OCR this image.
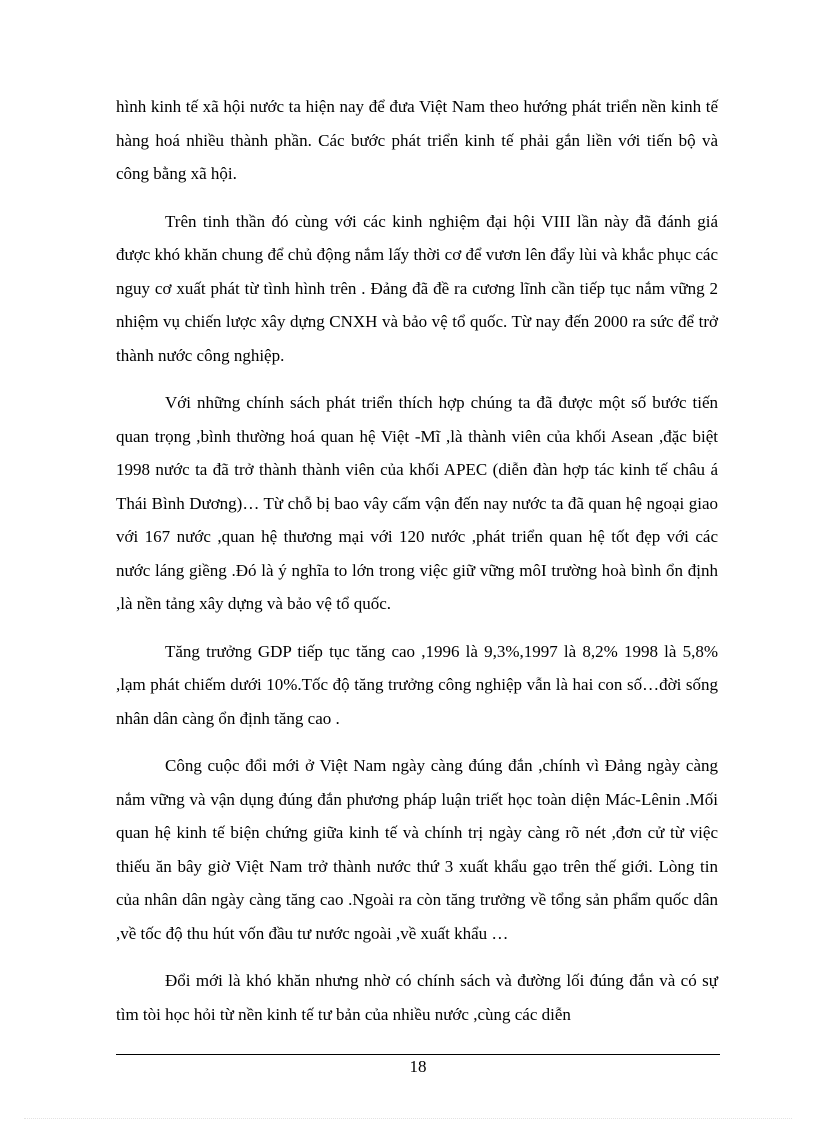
hình kinh tế xã hội nước ta hiện nay để đưa Việt Nam theo hướng phát triển nền kinh tế hàng hoá nhiều thành phần. Các bước phát triển kinh tế phải gắn liền với tiến bộ và công bằng xã hội.

Trên tinh thần đó cùng với các kinh nghiệm đại hội VIII lần này đã đánh giá được khó khăn chung để chủ động nắm lấy thời cơ để vươn lên đẩy lùi và khắc phục các nguy cơ xuất phát từ tình hình trên . Đảng đã đề ra cương lĩnh cần tiếp tục nắm vững 2 nhiệm vụ chiến lược xây dựng CNXH và bảo vệ tổ quốc. Từ nay đến 2000 ra sức để trở thành nước công nghiệp.

Với những chính sách phát triển thích hợp chúng ta đã được một số bước tiến quan trọng ,bình thường hoá quan hệ Việt -Mĩ ,là thành viên của khối Asean ,đặc biệt 1998 nước ta đã trở thành thành viên của khối APEC (diễn đàn hợp tác kinh tế châu á Thái Bình Dương)… Từ chỗ bị bao vây cấm vận đến nay nước ta đã quan hệ ngoại giao với 167 nước ,quan hệ thương mại với 120 nước ,phát triển quan hệ tốt đẹp với các nước láng giềng .Đó là ý nghĩa to lớn trong việc giữ vững môI trường hoà bình ổn định ,là nền tảng xây dựng và bảo vệ tổ quốc.

Tăng trưởng GDP tiếp tục tăng cao ,1996 là 9,3%,1997 là 8,2% 1998 là 5,8% ,lạm phát chiếm dưới 10%.Tốc độ tăng trưởng công nghiệp vẫn là hai con số…đời sống nhân dân càng ổn định tăng cao .

Công cuộc đổi mới ở Việt Nam ngày càng đúng đắn ,chính vì Đảng ngày càng nắm vững và vận dụng đúng đắn phương pháp luận triết học toàn diện Mác-Lênin .Mối quan hệ kinh tế biện chứng giữa kinh tế và chính trị ngày càng rõ nét ,đơn cử từ việc thiếu ăn bây giờ Việt Nam trở thành nước thứ 3 xuất khẩu gạo trên thế giới. Lòng tin của nhân dân ngày càng tăng cao .Ngoài ra còn tăng trưởng về tổng sản phẩm quốc dân ,về tốc độ thu hút vốn đầu tư nước ngoài ,về xuất khẩu …

Đổi mới là khó khăn nhưng nhờ có chính sách và đường lối đúng đắn và có sự tìm tòi học hỏi từ nền kinh tế tư bản của nhiều nước ,cùng các diễn

18
